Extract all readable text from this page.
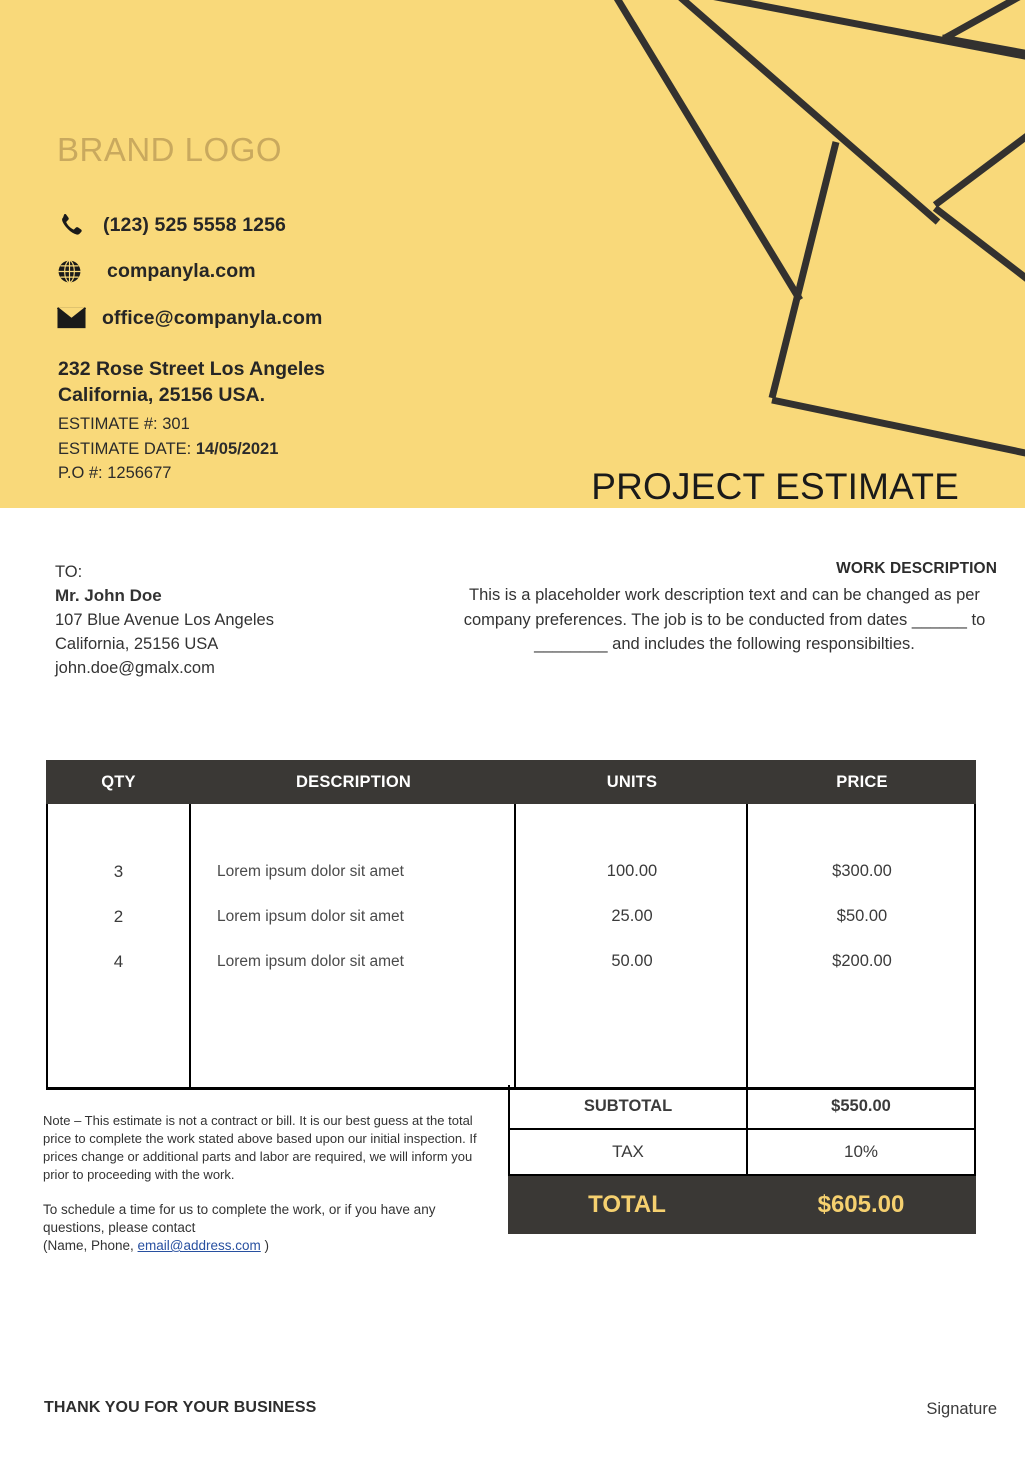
BRAND LOGO
(123) 525 5558 1256
companyla.com
office@companyla.com
232 Rose Street Los Angeles
California, 25156 USA.
ESTIMATE #: 301
ESTIMATE DATE: 14/05/2021
P.O #: 1256677	PROJECT ESTIMATE
TO:
Mr. John Doe
107 Blue Avenue Los Angeles
California, 25156 USA
john.doe@gmalx.com
WORK DESCRIPTION
This is a placeholder work description text and can be changed as per company preferences. The job is to be conducted from dates ______ to ________ and includes the following responsibilties.
QTY	DESCRIPTION	UNITS	PRICE
3	Lorem ipsum dolor sit amet	100.00	$300.00
2	Lorem ipsum dolor sit amet	25.00	$50.00
4	Lorem ipsum dolor sit amet	50.00	$200.00
SUBTOTAL	$550.00
TAX	10%
TOTAL	$605.00

Note – This estimate is not a contract or bill. It is our best guess at the total price to complete the work stated above based upon our initial inspection. If prices change or additional parts and labor are required, we will inform you prior to proceeding with the work.

To schedule a time for us to complete the work, or if you have any questions, please contact

(Name, Phone, email@address.com )

THANK YOU FOR YOUR BUSINESS	Signature
